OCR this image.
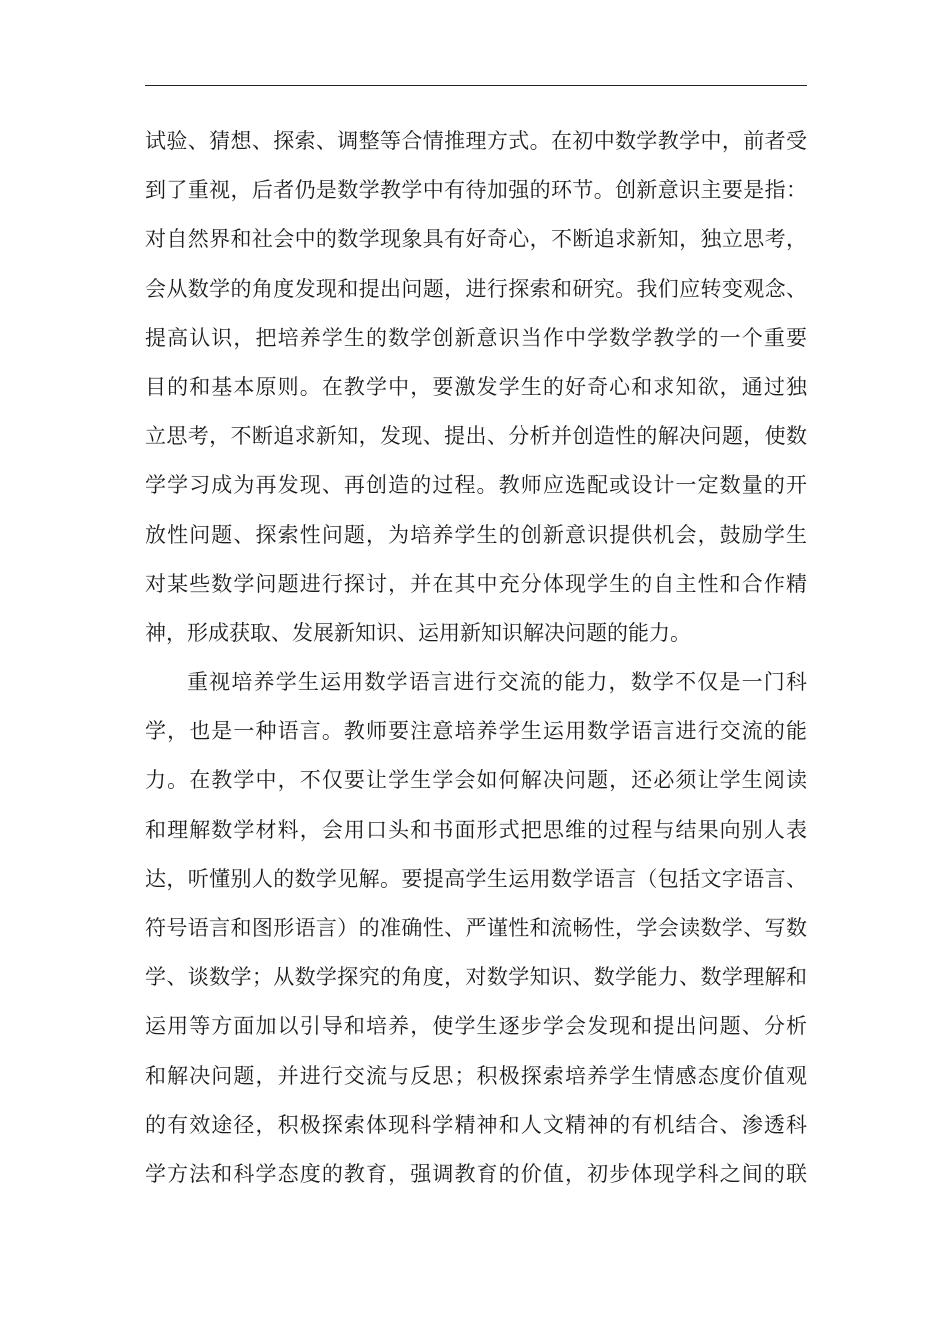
试验、猜想、探索、调整等合情推理方式。在初中数学教学中，前者受
到了重视，后者仍是数学教学中有待加强的环节。创新意识主要是指：
对自然界和社会中的数学现象具有好奇心，不断追求新知，独立思考，
会从数学的角度发现和提出问题，进行探索和研究。我们应转变观念、
提高认识，把培养学生的数学创新意识当作中学数学教学的一个重要
目的和基本原则。在教学中，要激发学生的好奇心和求知欲，通过独
立思考，不断追求新知，发现、提出、分析并创造性的解决问题，使数
学学习成为再发现、再创造的过程。教师应选配或设计一定数量的开
放性问题、探索性问题，为培养学生的创新意识提供机会，鼓励学生
对某些数学问题进行探讨，并在其中充分体现学生的自主性和合作精
神，形成获取、发展新知识、运用新知识解决问题的能力。
重视培养学生运用数学语言进行交流的能力，数学不仅是一门科
学，也是一种语言。教师要注意培养学生运用数学语言进行交流的能
力。在教学中，不仅要让学生学会如何解决问题，还必须让学生阅读
和理解数学材料，会用口头和书面形式把思维的过程与结果向别人表
达，听懂别人的数学见解。要提高学生运用数学语言（包括文字语言、
符号语言和图形语言）的准确性、严谨性和流畅性，学会读数学、写数
学、谈数学；从数学探究的角度，对数学知识、数学能力、数学理解和
运用等方面加以引导和培养，使学生逐步学会发现和提出问题、分析
和解决问题，并进行交流与反思；积极探索培养学生情感态度价值观
的有效途径，积极探索体现科学精神和人文精神的有机结合、渗透科
学方法和科学态度的教育，强调教育的价值，初步体现学科之间的联
